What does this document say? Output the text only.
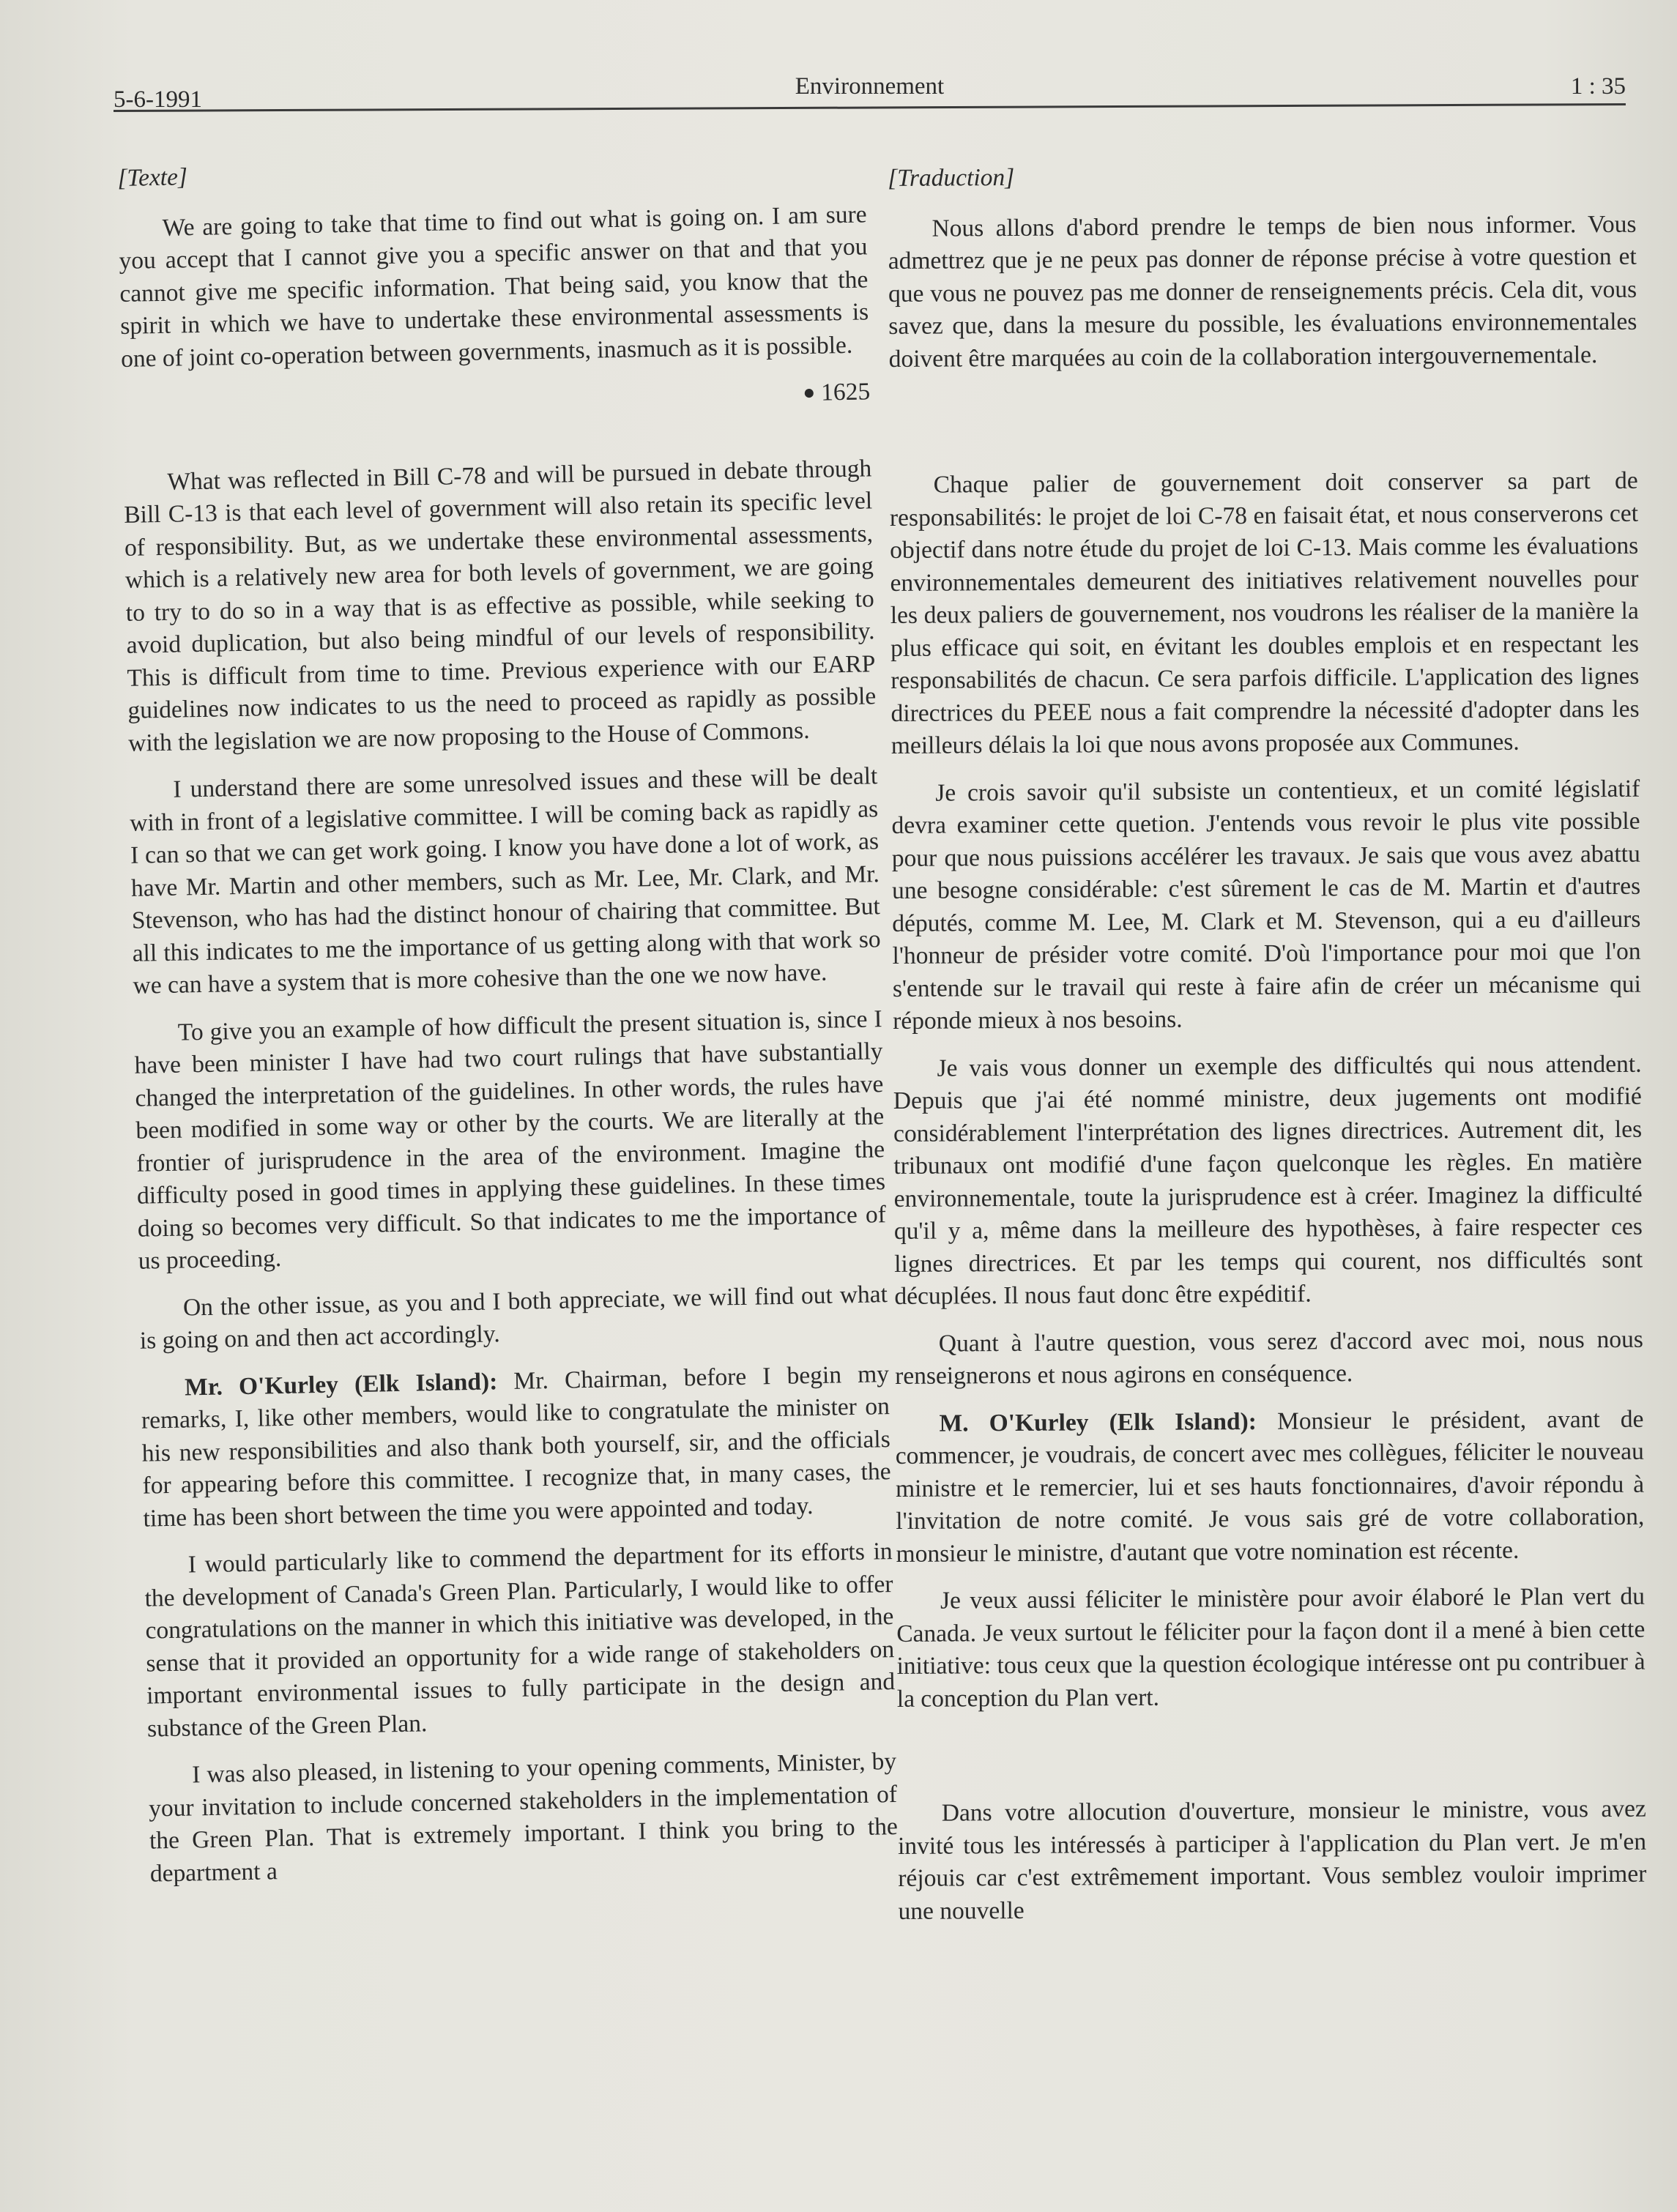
5-6-1991	Environnement	1 : 35
[Texte]

We are going to take that time to find out what is going on. I am sure you accept that I cannot give you a specific answer on that and that you cannot give me specific information. That being said, you know that the spirit in which we have to undertake these environmental assessments is one of joint co-operation between governments, inasmuch as it is possible.

● 1625

What was reflected in Bill C-78 and will be pursued in debate through Bill C-13 is that each level of government will also retain its specific level of responsibility. But, as we undertake these environmental assessments, which is a relatively new area for both levels of government, we are going to try to do so in a way that is as effective as possible, while seeking to avoid duplication, but also being mindful of our levels of responsibility. This is difficult from time to time. Previous experience with our EARP guidelines now indicates to us the need to proceed as rapidly as possible with the legislation we are now proposing to the House of Commons.

I understand there are some unresolved issues and these will be dealt with in front of a legislative committee. I will be coming back as rapidly as I can so that we can get work going. I know you have done a lot of work, as have Mr. Martin and other members, such as Mr. Lee, Mr. Clark, and Mr. Stevenson, who has had the distinct honour of chairing that committee. But all this indicates to me the importance of us getting along with that work so we can have a system that is more cohesive than the one we now have.

To give you an example of how difficult the present situation is, since I have been minister I have had two court rulings that have substantially changed the interpretation of the guidelines. In other words, the rules have been modified in some way or other by the courts. We are literally at the frontier of jurisprudence in the area of the environment. Imagine the difficulty posed in good times in applying these guidelines. In these times doing so becomes very difficult. So that indicates to me the importance of us proceeding.

On the other issue, as you and I both appreciate, we will find out what is going on and then act accordingly.

Mr. O'Kurley (Elk Island): Mr. Chairman, before I begin my remarks, I, like other members, would like to congratulate the minister on his new responsibilities and also thank both yourself, sir, and the officials for appearing before this committee. I recognize that, in many cases, the time has been short between the time you were appointed and today.

I would particularly like to commend the department for its efforts in the development of Canada's Green Plan. Particularly, I would like to offer congratulations on the manner in which this initiative was developed, in the sense that it provided an opportunity for a wide range of stakeholders on important environmental issues to fully participate in the design and substance of the Green Plan.

I was also pleased, in listening to your opening comments, Minister, by your invitation to include concerned stakeholders in the implementation of the Green Plan. That is extremely important. I think you bring to the department a

[Traduction]

Nous allons d'abord prendre le temps de bien nous informer. Vous admettrez que je ne peux pas donner de réponse précise à votre question et que vous ne pouvez pas me donner de renseignements précis. Cela dit, vous savez que, dans la mesure du possible, les évaluations environnementales doivent être marquées au coin de la collaboration intergouvernementale.

Chaque palier de gouvernement doit conserver sa part de responsabilités: le projet de loi C-78 en faisait état, et nous conserverons cet objectif dans notre étude du projet de loi C-13. Mais comme les évaluations environnementales demeurent des initiatives relativement nouvelles pour les deux paliers de gouvernement, nos voudrons les réaliser de la manière la plus efficace qui soit, en évitant les doubles emplois et en respectant les responsabilités de chacun. Ce sera parfois difficile. L'application des lignes directrices du PEEE nous a fait comprendre la nécessité d'adopter dans les meilleurs délais la loi que nous avons proposée aux Communes.

Je crois savoir qu'il subsiste un contentieux, et un comité législatif devra examiner cette quetion. J'entends vous revoir le plus vite possible pour que nous puissions accélérer les travaux. Je sais que vous avez abattu une besogne considérable: c'est sûrement le cas de M. Martin et d'autres députés, comme M. Lee, M. Clark et M. Stevenson, qui a eu d'ailleurs l'honneur de présider votre comité. D'où l'importance pour moi que l'on s'entende sur le travail qui reste à faire afin de créer un mécanisme qui réponde mieux à nos besoins.

Je vais vous donner un exemple des difficultés qui nous attendent. Depuis que j'ai été nommé ministre, deux jugements ont modifié considérablement l'interprétation des lignes directrices. Autrement dit, les tribunaux ont modifié d'une façon quelconque les règles. En matière environnementale, toute la jurisprudence est à créer. Imaginez la difficulté qu'il y a, même dans la meilleure des hypothèses, à faire respecter ces lignes directrices. Et par les temps qui courent, nos difficultés sont décuplées. Il nous faut donc être expéditif.

Quant à l'autre question, vous serez d'accord avec moi, nous nous renseignerons et nous agirons en conséquence.

M. O'Kurley (Elk Island): Monsieur le président, avant de commencer, je voudrais, de concert avec mes collègues, féliciter le nouveau ministre et le remercier, lui et ses hauts fonctionnaires, d'avoir répondu à l'invitation de notre comité. Je vous sais gré de votre collaboration, monsieur le ministre, d'autant que votre nomination est récente.

Je veux aussi féliciter le ministère pour avoir élaboré le Plan vert du Canada. Je veux surtout le féliciter pour la façon dont il a mené à bien cette initiative: tous ceux que la question écologique intéresse ont pu contribuer à la conception du Plan vert.

Dans votre allocution d'ouverture, monsieur le ministre, vous avez invité tous les intéressés à participer à l'application du Plan vert. Je m'en réjouis car c'est extrêmement important. Vous semblez vouloir imprimer une nouvelle
